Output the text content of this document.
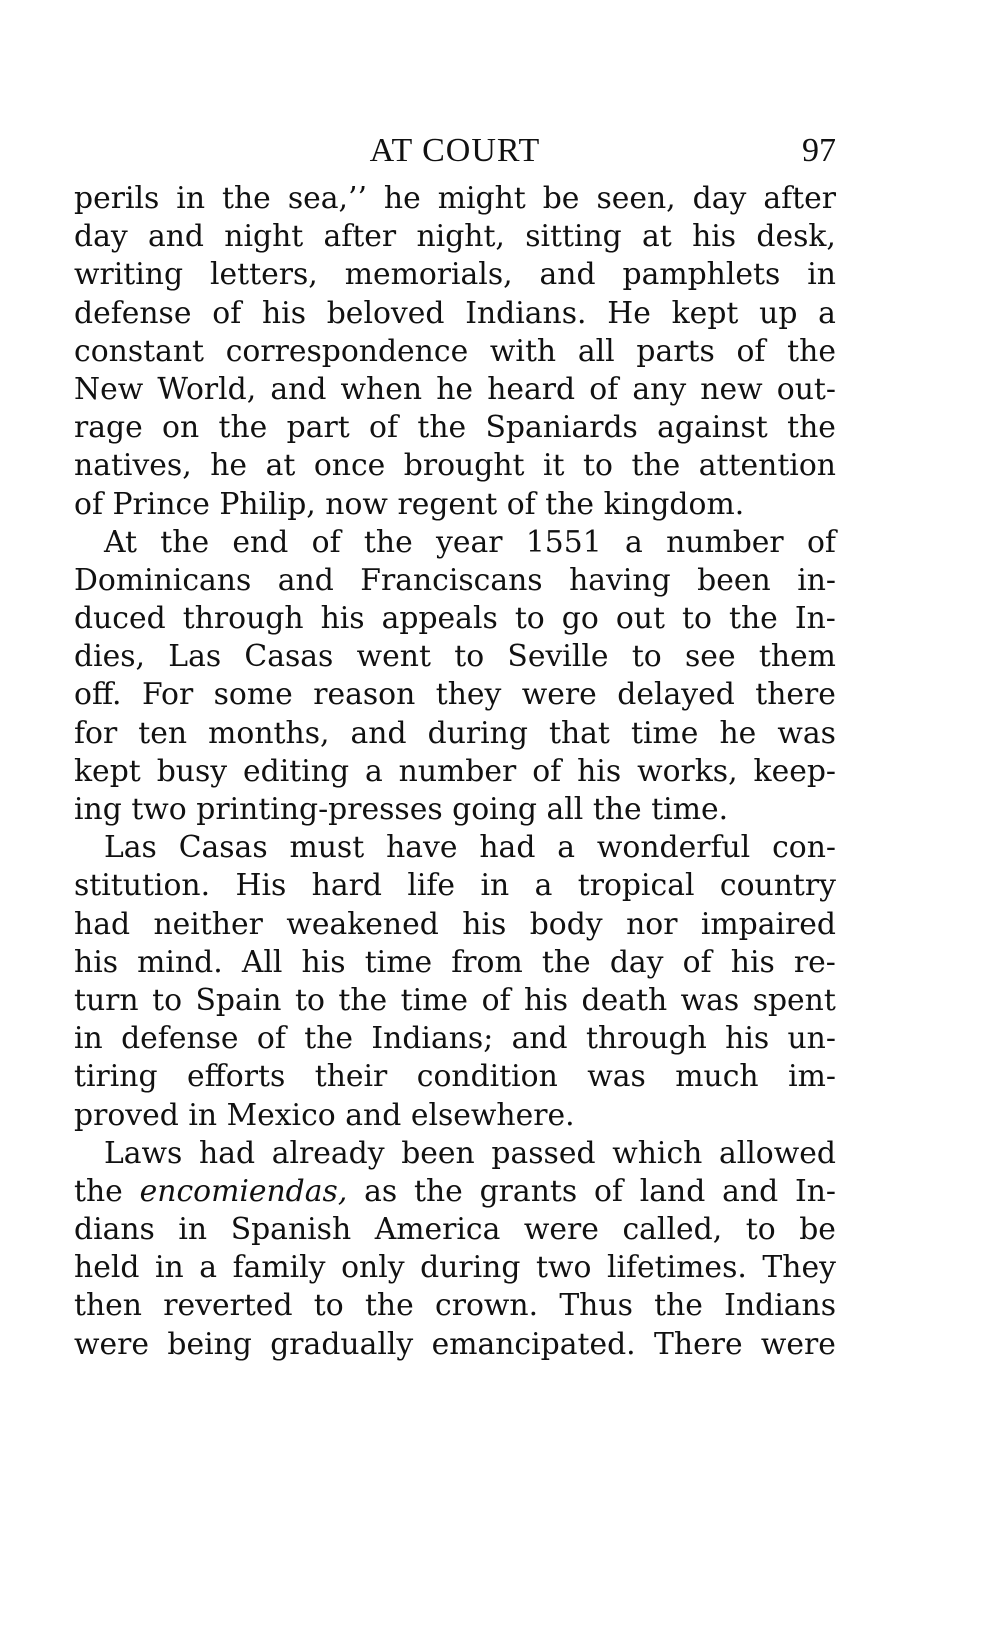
AT COURT	97
perils in the sea,’’ he might be seen, day after
day and night after night, sitting at his desk,
writing letters, memorials, and pamphlets in
defense of his beloved Indians. He kept up a
constant correspondence with all parts of the
New World, and when he heard of any new out-
rage on the part of the Spaniards against the
natives, he at once brought it to the attention
of Prince Philip, now regent of the kingdom.
At the end of the year 1551 a number of
Dominicans and Franciscans having been in-
duced through his appeals to go out to the In-
dies, Las Casas went to Seville to see them
off. For some reason they were delayed there
for ten months, and during that time he was
kept busy editing a number of his works, keep-
ing two printing-presses going all the time.
Las Casas must have had a wonderful con-
stitution. His hard life in a tropical country
had neither weakened his body nor impaired
his mind. All his time from the day of his re-
turn to Spain to the time of his death was spent
in defense of the Indians; and through his un-
tiring efforts their condition was much im-
proved in Mexico and elsewhere.
Laws had already been passed which allowed
the encomiendas, as the grants of land and In-
dians in Spanish America were called, to be
held in a family only during two lifetimes. They
then reverted to the crown. Thus the Indians
were being gradually emancipated. There were
